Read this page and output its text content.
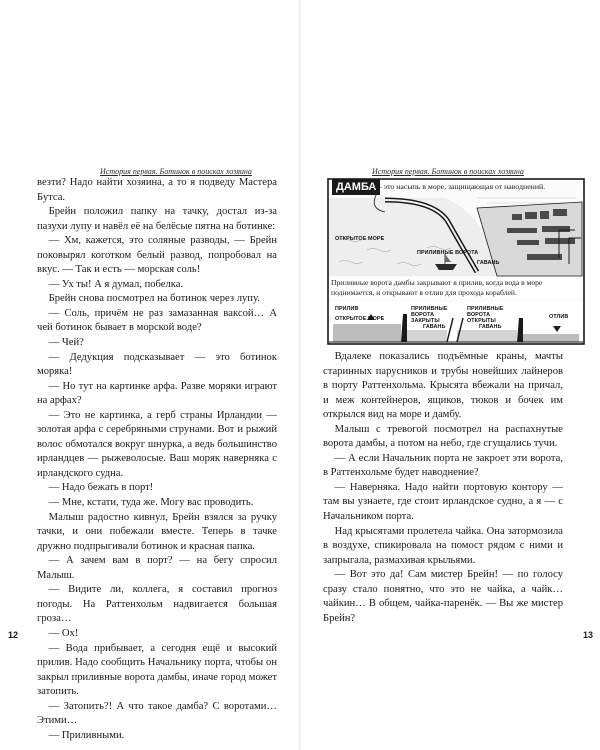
История первая. Ботинок в поисках хозяина

везти? Надо найти хозяина, а то я подведу Мастера Бутса.

Брейн положил папку на тачку, достал из-за пазухи лупу и навёл её на белёсые пятна на ботинке:

— Хм, кажется, это соляные разводы, — Брейн поковырял коготком белый развод, попробовал на вкус. — Так и есть — морская соль!

— Ух ты! А я думал, побелка.

Брейн снова посмотрел на ботинок через лупу.

— Соль, причём не раз замазанная ваксой… А чей ботинок бывает в морской воде?

— Чей?

— Дедукция подсказывает — это ботинок моряка!

— Но тут на картинке арфа. Разве моряки играют на арфах?

— Это не картинка, а герб страны Ирландии — золотая арфа с серебряными струнами. Вот и рыжий волос обмотался вокруг шнурка, а ведь большинство ирландцев — рыжеволосые. Ваш моряк наверняка с ирландского судна.

— Надо бежать в порт!

— Мне, кстати, туда же. Могу вас проводить.

Малыш радостно кивнул, Брейн взялся за ручку тачки, и они побежали вместе. Теперь в тачке дружно подпрыгивали ботинок и красная папка.

— А зачем вам в порт? — на бегу спросил Малыш.

— Видите ли, коллега, я составил прогноз погоды. На Раттенхольм надвигается большая гроза…

— Ох!

— Вода прибывает, а сегодня ещё и высокий прилив. Надо сообщить Начальнику порта, чтобы он закрыл приливные ворота дамбы, иначе город может затопить.

— Затопить?! А что такое дамба? С воротами… Этими…

— Приливными.

12
История первая. Ботинок в поисках хозяина
ДАМБА
— это насыпь в море, защищающая от наводнений.
ОТКРЫТОЕ МОРЕ
ПРИЛИВНЫЕ ВОРОТА
ГАВАНЬ
Приливные ворота дамбы закрывают в прилив, когда вода в море поднимается, и открывают в отлив для прохода кораблей.
ПРИЛИВ
ОТКРЫТОЕ МОРЕ
ПРИЛИВНЫЕ ВОРОТА ЗАКРЫТЫ
ГАВАНЬ
ПРИЛИВНЫЕ ВОРОТА ОТКРЫТЫ
ГАВАНЬ
ОТЛИВ

Вдалеке показались подъёмные краны, мачты старинных парусников и трубы новейших лайнеров в порту Раттенхольма. Крысята вбежали на причал, и меж контейнеров, ящиков, тюков и бочек им открылся вид на море и дамбу.

Малыш с тревогой посмотрел на распахнутые ворота дамбы, а потом на небо, где сгущались тучи.

— А если Начальник порта не закроет эти ворота, в Раттенхольме будет наводнение?

— Наверняка. Надо найти портовую контору — там вы узнаете, где стоит ирландское судно, а я — с Начальником порта.

Над крысятами пролетела чайка. Она затормозила в воздухе, спикировала на помост рядом с ними и запрыгала, размахивая крыльями.

— Вот это да! Сам мистер Брейн! — по голосу сразу стало понятно, что это не чайка, а чайк… чайкин… В общем, чайка-паренёк. — Вы же мистер Брейн?

13
